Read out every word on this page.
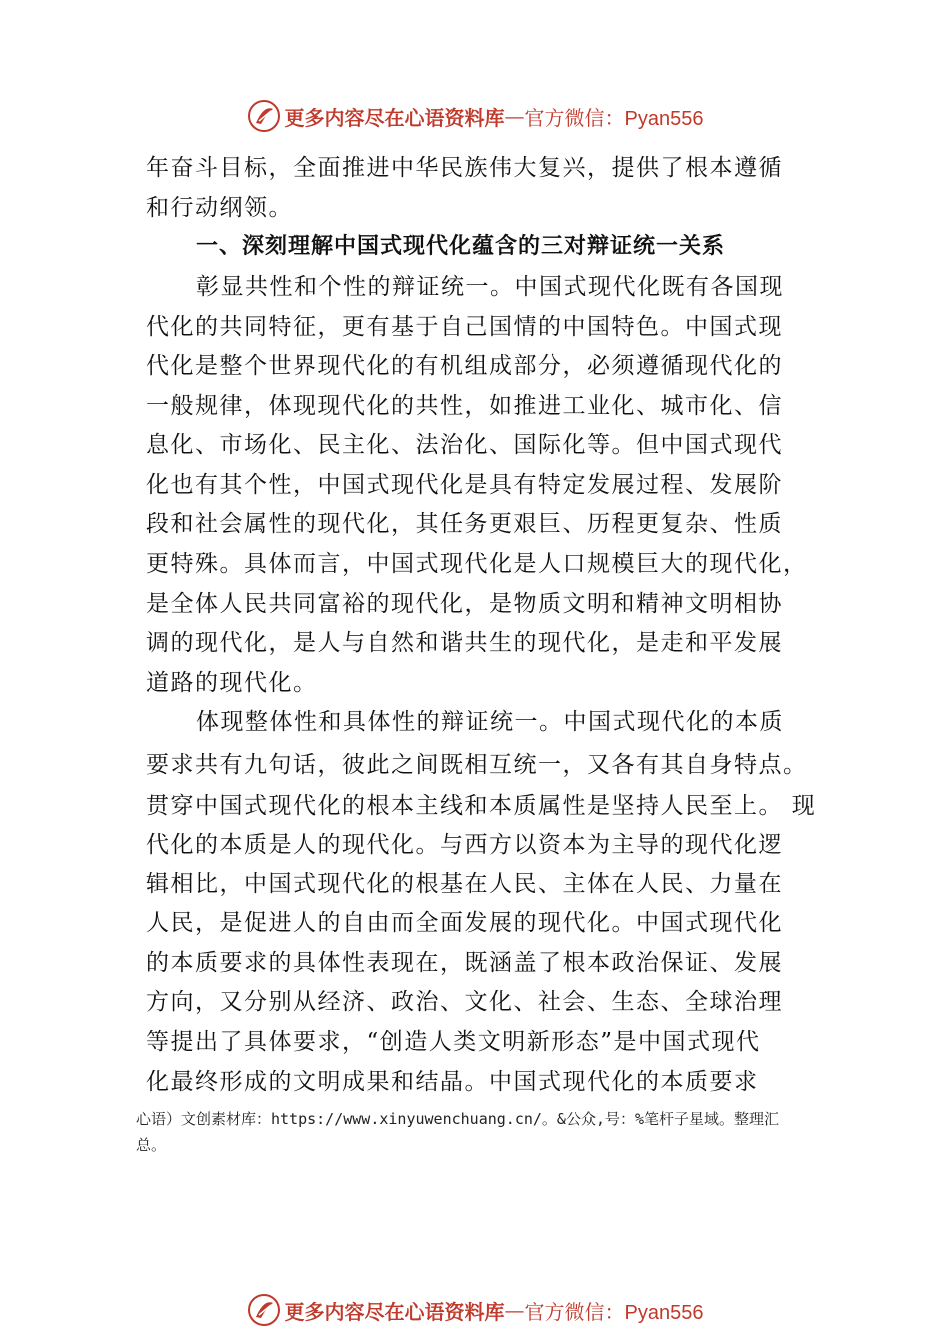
更多内容尽在心语资料库 — 官方微信：Pyan556
年奋斗目标，全面推进中华民族伟大复兴，提供了根本遵循
和行动纲领。
一、深刻理解中国式现代化蕴含的三对辩证统一关系
彰显共性和个性的辩证统一。中国式现代化既有各国现
代化的共同特征，更有基于自己国情的中国特色。中国式现
代化是整个世界现代化的有机组成部分，必须遵循现代化的
一般规律，体现现代化的共性，如推进工业化、城市化、信
息化、市场化、民主化、法治化、国际化等。但中国式现代
化也有其个性，中国式现代化是具有特定发展过程、发展阶
段和社会属性的现代化，其任务更艰巨、历程更复杂、性质
更特殊。具体而言，中国式现代化是人口规模巨大的现代化，
是全体人民共同富裕的现代化，是物质文明和精神文明相协
调的现代化，是人与自然和谐共生的现代化，是走和平发展
道路的现代化。
体现整体性和具体性的辩证统一。中国式现代化的本质
要求共有九句话，彼此之间既相互统一，又各有其自身特点。
贯穿中国式现代化的根本主线和本质属性是坚持人民至上。 现
代化的本质是人的现代化。与西方以资本为主导的现代化逻
辑相比，中国式现代化的根基在人民、主体在人民、力量在
人民，是促进人的自由而全面发展的现代化。中国式现代化
的本质要求的具体性表现在，既涵盖了根本政治保证、发展
方向，又分别从经济、政治、文化、社会、生态、全球治理
等提出了具体要求，“创造人类文明新形态”是中国式现代
化最终形成的文明成果和结晶。中国式现代化的本质要求
心语）文创素材库：https://www.xinyuwenchuang.cn/。&公众,号：%笔杆子星域。整理汇
总。
更多内容尽在心语资料库 — 官方微信：Pyan556
